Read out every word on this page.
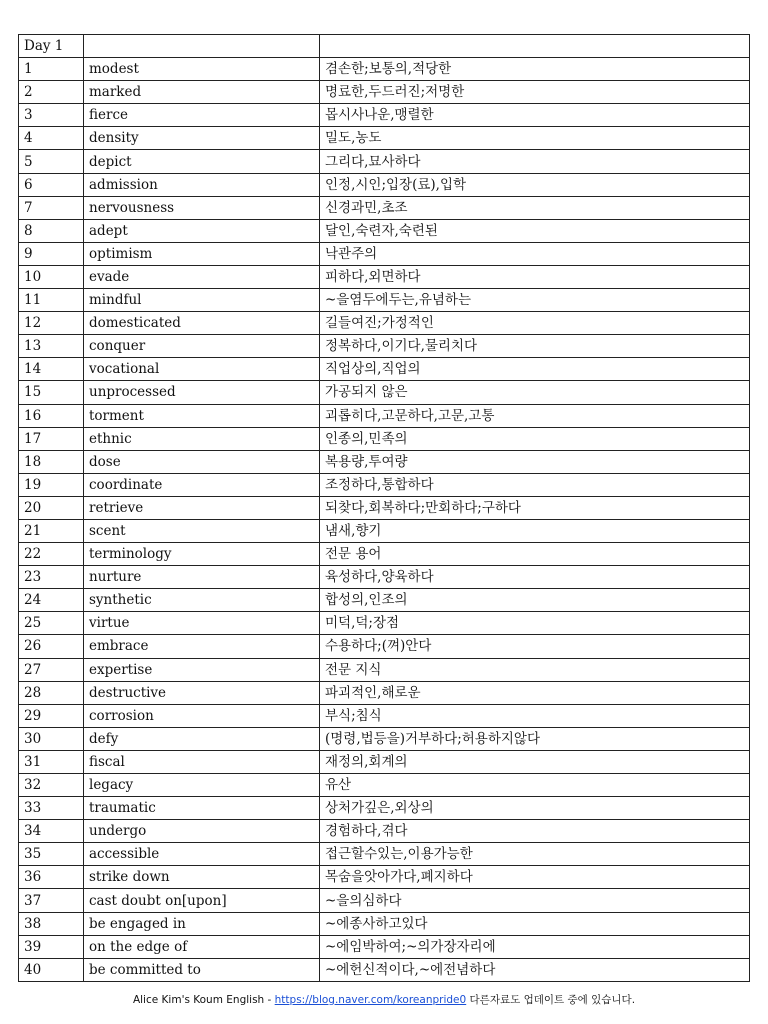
Day 1		
1	modest	겸손한;보통의,적당한
2	marked	명료한,두드러진;저명한
3	fierce	몹시사나운,맹렬한
4	density	밀도,농도
5	depict	그리다,묘사하다
6	admission	인정,시인;입장(료),입학
7	nervousness	신경과민,초조
8	adept	달인,숙련자,숙련된
9	optimism	낙관주의
10	evade	피하다,외면하다
11	mindful	~을염두에두는,유념하는
12	domesticated	길들여진;가정적인
13	conquer	정복하다,이기다,물리치다
14	vocational	직업상의,직업의
15	unprocessed	가공되지 않은
16	torment	괴롭히다,고문하다,고문,고통
17	ethnic	인종의,민족의
18	dose	복용량,투여량
19	coordinate	조정하다,통합하다
20	retrieve	되찾다,회복하다;만회하다;구하다
21	scent	냄새,향기
22	terminology	전문 용어
23	nurture	육성하다,양육하다
24	synthetic	합성의,인조의
25	virtue	미덕,덕;장점
26	embrace	수용하다;(껴)안다
27	expertise	전문 지식
28	destructive	파괴적인,해로운
29	corrosion	부식;침식
30	defy	(명령,법등을)거부하다;허용하지않다
31	fiscal	재정의,회계의
32	legacy	유산
33	traumatic	상처가깊은,외상의
34	undergo	경험하다,겪다
35	accessible	접근할수있는,이용가능한
36	strike down	목숨을앗아가다,폐지하다
37	cast doubt on[upon]	~을의심하다
38	be engaged in	~에종사하고있다
39	on the edge of	~에임박하여;~의가장자리에
40	be committed to	~에헌신적이다,~에전념하다
Alice Kim's Koum English - https://blog.naver.com/koreanpride0 다른자료도 업데이트 중에 있습니다.
